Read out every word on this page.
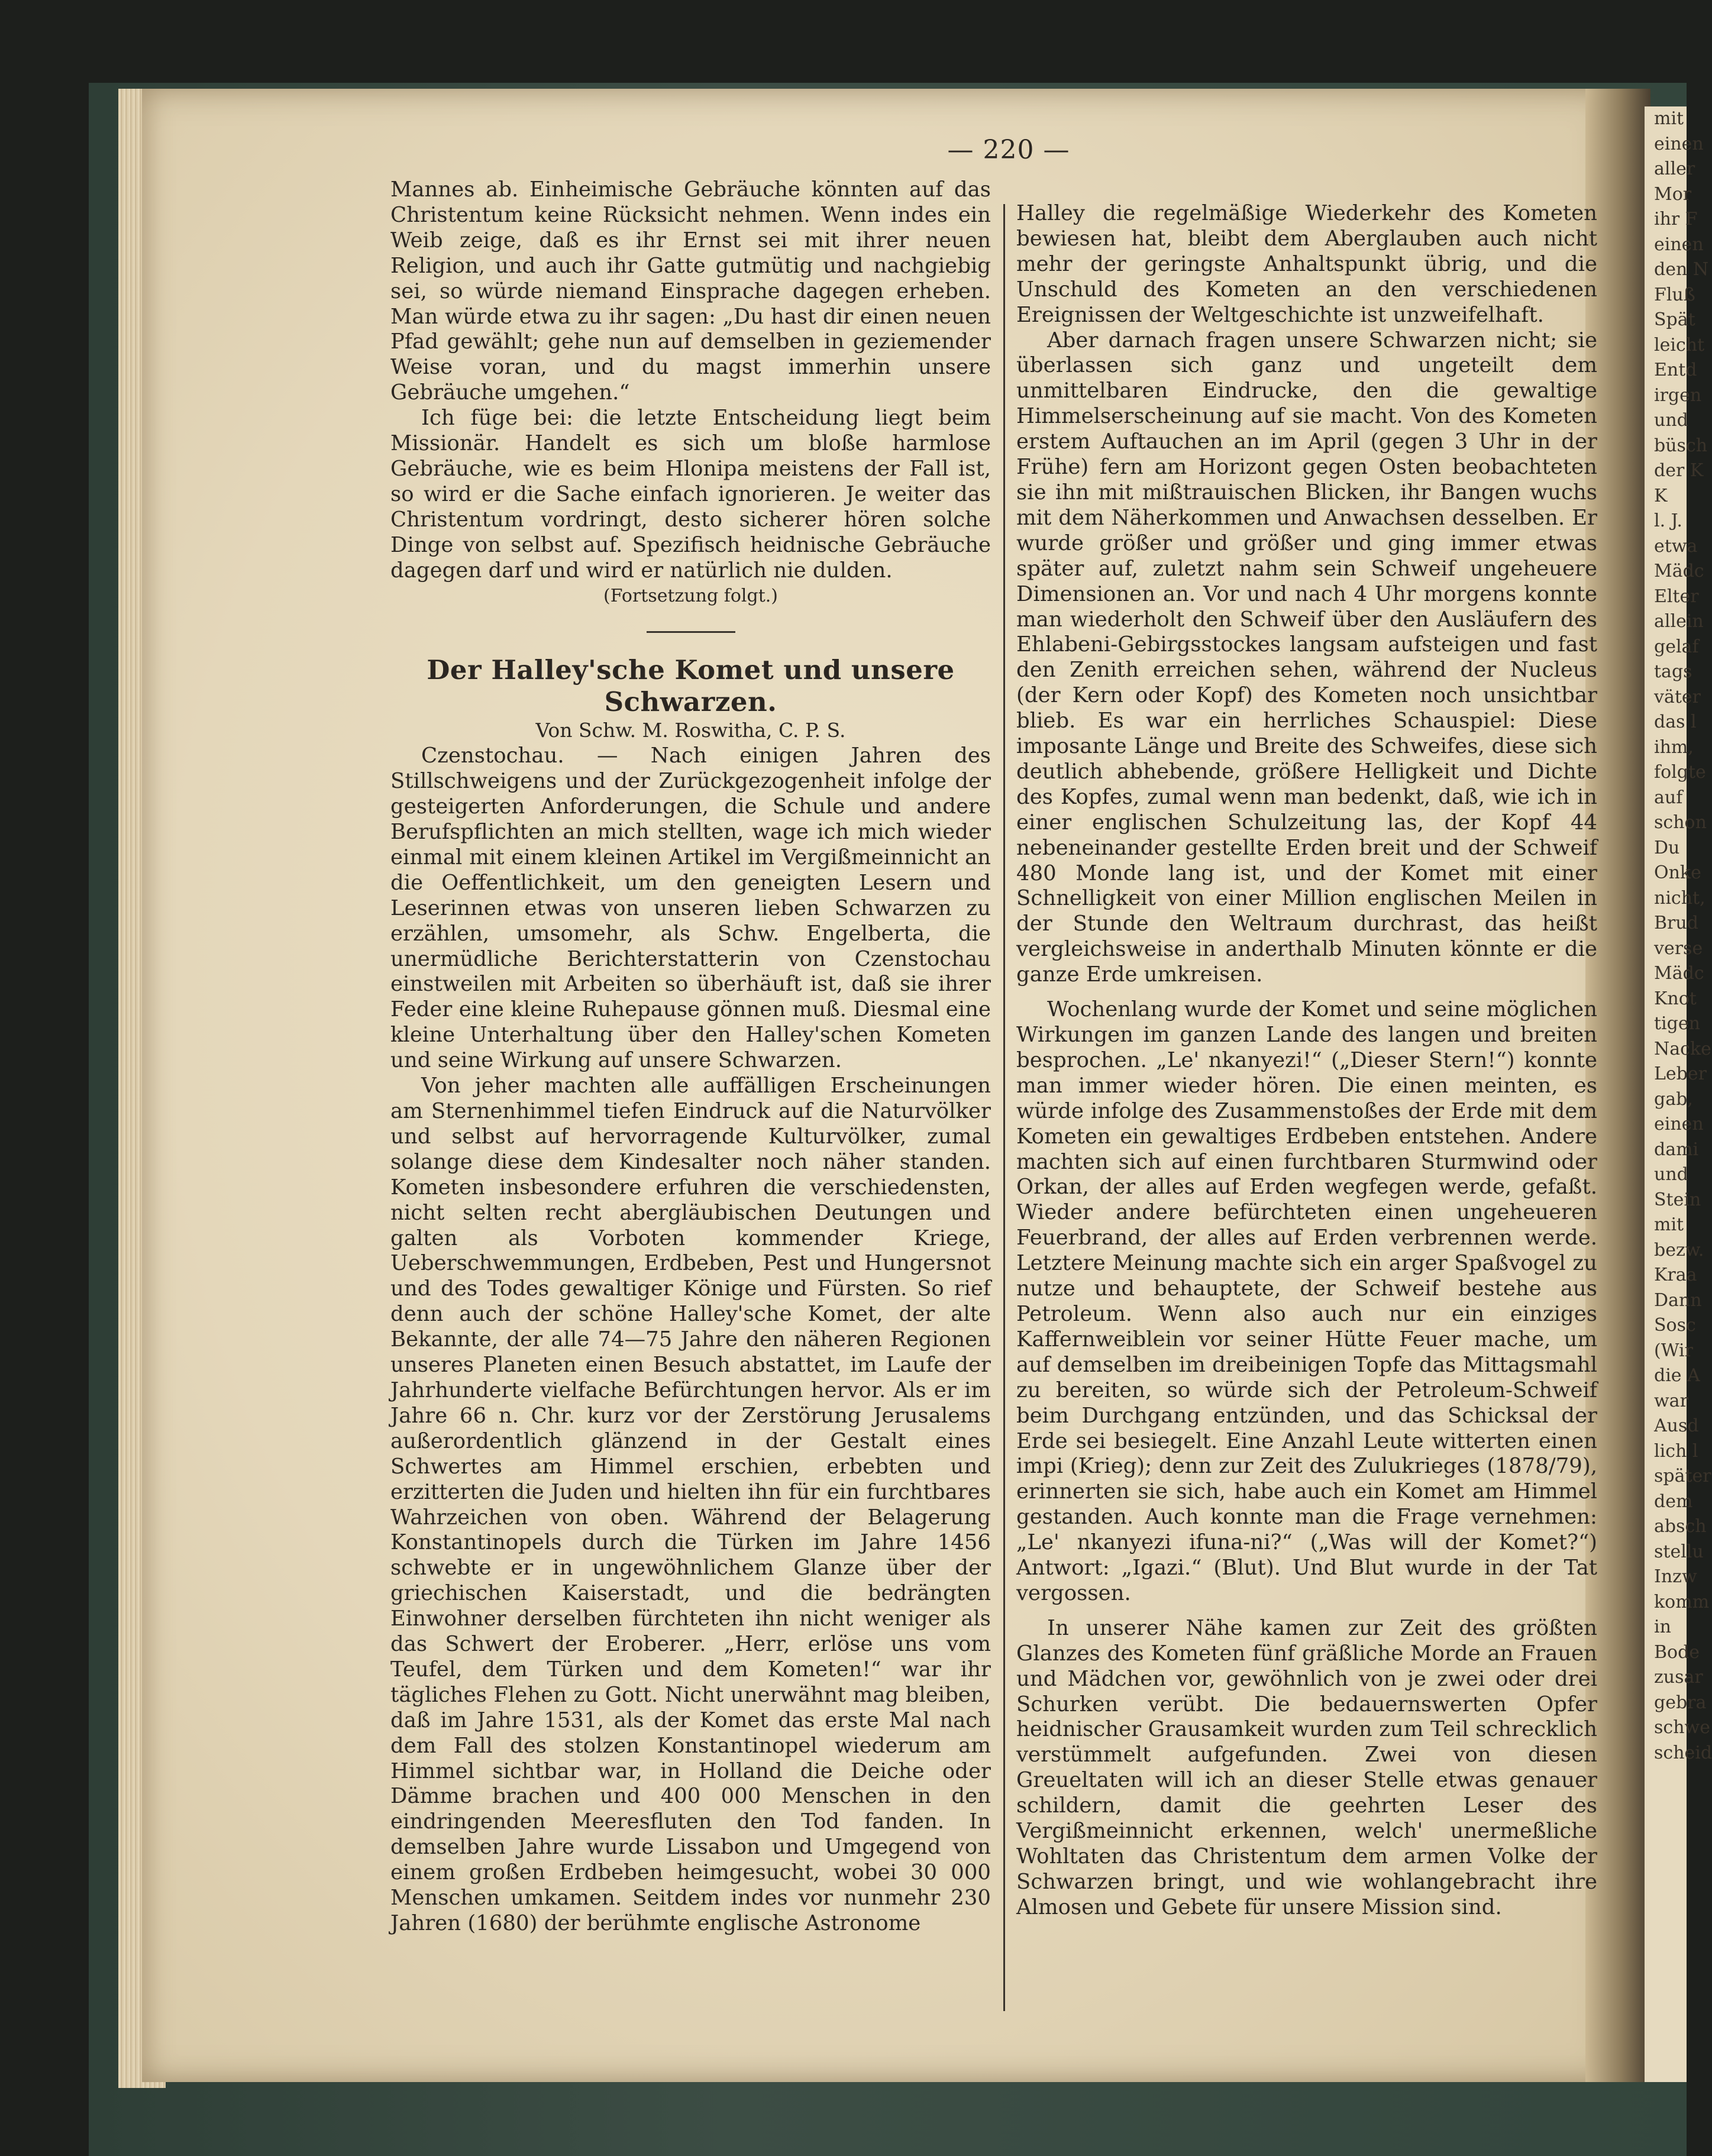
mit
einen
aller
Mor
ihr F
einen
den N
Fluß
Spät
leicht
Entd
irgen
und
büsch
der K
K
l. J.
etwa
Mädc
Elter
allein
gelaf
tags
väter
das l
ihm,
folgte
auf
schon
Du
Onke
nicht,
Brud
verse
Mädc
Knot
tigen
Nacke
Leber
gab,
einen
dami
und
Stein
mit
bezw.
Kraa
Dann
Sosc
(Wir
die A
war
Ausd
lich l
später
dem
absch
stellu
Inzw
komm
in
Bode
zusar
gebra
schwe
scheid
— 220 —

Mannes ab. Einheimische Gebräuche könnten auf das Christentum keine Rücksicht nehmen. Wenn indes ein Weib zeige, daß es ihr Ernst sei mit ihrer neuen Religion, und auch ihr Gatte gutmütig und nachgiebig sei, so würde niemand Einsprache dagegen erheben. Man würde etwa zu ihr sagen: „Du hast dir einen neuen Pfad gewählt; gehe nun auf demselben in geziemender Weise voran, und du magst immerhin unsere Gebräuche umgehen.“

Ich füge bei: die letzte Entscheidung liegt beim Missionär. Handelt es sich um bloße harmlose Gebräuche, wie es beim Hlonipa meistens der Fall ist, so wird er die Sache einfach ignorieren. Je weiter das Christentum vordringt, desto sicherer hören solche Dinge von selbst auf. Spezifisch heidnische Gebräuche dagegen darf und wird er natürlich nie dulden.

(Fortsetzung folgt.)

Der Halley'sche Komet und unsere Schwarzen.

Von Schw. M. Roswitha, C. P. S.

Czenstochau. — Nach einigen Jahren des Stillschweigens und der Zurückgezogenheit infolge der gesteigerten Anforderungen, die Schule und andere Berufspflichten an mich stellten, wage ich mich wieder einmal mit einem kleinen Artikel im Vergißmeinnicht an die Oeffentlichkeit, um den geneigten Lesern und Leserinnen etwas von unseren lieben Schwarzen zu erzählen, umsomehr, als Schw. Engelberta, die unermüdliche Berichterstatterin von Czenstochau einstweilen mit Arbeiten so überhäuft ist, daß sie ihrer Feder eine kleine Ruhepause gönnen muß. Diesmal eine kleine Unterhaltung über den Halley'schen Kometen und seine Wirkung auf unsere Schwarzen.

Von jeher machten alle auffälligen Erscheinungen am Sternenhimmel tiefen Eindruck auf die Naturvölker und selbst auf hervorragende Kulturvölker, zumal solange diese dem Kindesalter noch näher standen. Kometen insbesondere erfuhren die verschiedensten, nicht selten recht abergläubischen Deutungen und galten als Vorboten kommender Kriege, Ueberschwemmungen, Erdbeben, Pest und Hungersnot und des Todes gewaltiger Könige und Fürsten. So rief denn auch der schöne Halley'sche Komet, der alte Bekannte, der alle 74—75 Jahre den näheren Regionen unseres Planeten einen Besuch abstattet, im Laufe der Jahrhunderte vielfache Befürchtungen hervor. Als er im Jahre 66 n. Chr. kurz vor der Zerstörung Jerusalems außerordentlich glänzend in der Gestalt eines Schwertes am Himmel erschien, erbebten und erzitterten die Juden und hielten ihn für ein furchtbares Wahrzeichen von oben. Während der Belagerung Konstantinopels durch die Türken im Jahre 1456 schwebte er in ungewöhnlichem Glanze über der griechischen Kaiserstadt, und die bedrängten Einwohner derselben fürchteten ihn nicht weniger als das Schwert der Eroberer. „Herr, erlöse uns vom Teufel, dem Türken und dem Kometen!“ war ihr tägliches Flehen zu Gott. Nicht unerwähnt mag bleiben, daß im Jahre 1531, als der Komet das erste Mal nach dem Fall des stolzen Konstantinopel wiederum am Himmel sichtbar war, in Holland die Deiche oder Dämme brachen und 400 000 Menschen in den eindringenden Meeresfluten den Tod fanden. In demselben Jahre wurde Lissabon und Umgegend von einem großen Erdbeben heimgesucht, wobei 30 000 Menschen umkamen. Seitdem indes vor nunmehr 230 Jahren (1680) der berühmte englische Astronome

Halley die regelmäßige Wiederkehr des Kometen bewiesen hat, bleibt dem Aberglauben auch nicht mehr der geringste Anhaltspunkt übrig, und die Unschuld des Kometen an den verschiedenen Ereignissen der Weltgeschichte ist unzweifelhaft.

Aber darnach fragen unsere Schwarzen nicht; sie überlassen sich ganz und ungeteilt dem unmittelbaren Eindrucke, den die gewaltige Himmelserscheinung auf sie macht. Von des Kometen erstem Auftauchen an im April (gegen 3 Uhr in der Frühe) fern am Horizont gegen Osten beobachteten sie ihn mit mißtrauischen Blicken, ihr Bangen wuchs mit dem Näherkommen und Anwachsen desselben. Er wurde größer und größer und ging immer etwas später auf, zuletzt nahm sein Schweif ungeheuere Dimensionen an. Vor und nach 4 Uhr morgens konnte man wiederholt den Schweif über den Ausläufern des Ehlabeni-Gebirgsstockes langsam aufsteigen und fast den Zenith erreichen sehen, während der Nucleus (der Kern oder Kopf) des Kometen noch unsichtbar blieb. Es war ein herrliches Schauspiel: Diese imposante Länge und Breite des Schweifes, diese sich deutlich abhebende, größere Helligkeit und Dichte des Kopfes, zumal wenn man bedenkt, daß, wie ich in einer englischen Schulzeitung las, der Kopf 44 nebeneinander gestellte Erden breit und der Schweif 480 Monde lang ist, und der Komet mit einer Schnelligkeit von einer Million englischen Meilen in der Stunde den Weltraum durchrast, das heißt vergleichsweise in anderthalb Minuten könnte er die ganze Erde umkreisen.

Wochenlang wurde der Komet und seine möglichen Wirkungen im ganzen Lande des langen und breiten besprochen. „Le' nkanyezi!“ („Dieser Stern!“) konnte man immer wieder hören. Die einen meinten, es würde infolge des Zusammenstoßes der Erde mit dem Kometen ein gewaltiges Erdbeben entstehen. Andere machten sich auf einen furchtbaren Sturmwind oder Orkan, der alles auf Erden wegfegen werde, gefaßt. Wieder andere befürchteten einen ungeheueren Feuerbrand, der alles auf Erden verbrennen werde. Letztere Meinung machte sich ein arger Spaßvogel zu nutze und behauptete, der Schweif bestehe aus Petroleum. Wenn also auch nur ein einziges Kaffernweiblein vor seiner Hütte Feuer mache, um auf demselben im dreibeinigen Topfe das Mittagsmahl zu bereiten, so würde sich der Petroleum-Schweif beim Durchgang entzünden, und das Schicksal der Erde sei besiegelt. Eine Anzahl Leute witterten einen impi (Krieg); denn zur Zeit des Zulukrieges (1878/79), erinnerten sie sich, habe auch ein Komet am Himmel gestanden. Auch konnte man die Frage vernehmen: „Le' nkanyezi ifuna-ni?“ („Was will der Komet?“) Antwort: „Igazi.“ (Blut). Und Blut wurde in der Tat vergossen.

In unserer Nähe kamen zur Zeit des größten Glanzes des Kometen fünf gräßliche Morde an Frauen und Mädchen vor, gewöhnlich von je zwei oder drei Schurken verübt. Die bedauernswerten Opfer heidnischer Grausamkeit wurden zum Teil schrecklich verstümmelt aufgefunden. Zwei von diesen Greueltaten will ich an dieser Stelle etwas genauer schildern, damit die geehrten Leser des Vergißmeinnicht erkennen, welch' unermeßliche Wohltaten das Christentum dem armen Volke der Schwarzen bringt, und wie wohlangebracht ihre Almosen und Gebete für unsere Mission sind.
